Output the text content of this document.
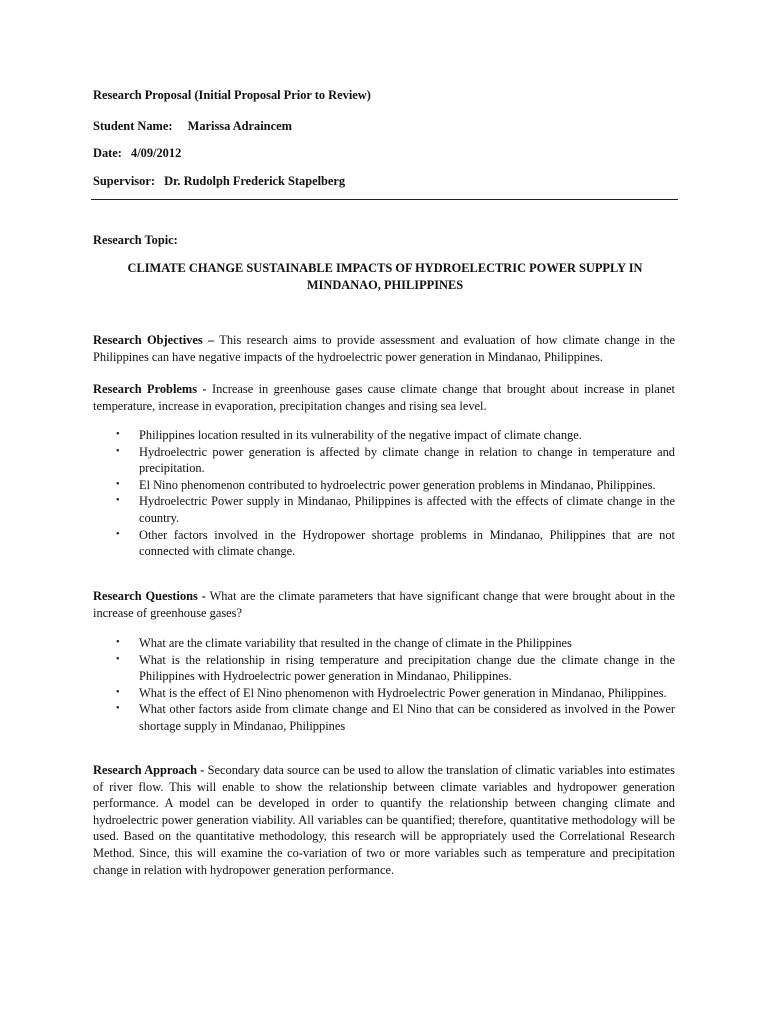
Research Proposal (Initial Proposal Prior to Review)

Student Name: Marissa Adraincem

Date: 4/09/2012

Supervisor: Dr. Rudolph Frederick Stapelberg

Research Topic:

CLIMATE CHANGE SUSTAINABLE IMPACTS OF HYDROELECTRIC POWER SUPPLY IN MINDANAO, PHILIPPINES

Research Objectives – This research aims to provide assessment and evaluation of how climate change in the Philippines can have negative impacts of the hydroelectric power generation in Mindanao, Philippines.

Research Problems - Increase in greenhouse gases cause climate change that brought about increase in planet temperature, increase in evaporation, precipitation changes and rising sea level.

• Philippines location resulted in its vulnerability of the negative impact of climate change.
• Hydroelectric power generation is affected by climate change in relation to change in temperature and precipitation.
• El Nino phenomenon contributed to hydroelectric power generation problems in Mindanao, Philippines.
• Hydroelectric Power supply in Mindanao, Philippines is affected with the effects of climate change in the country.
• Other factors involved in the Hydropower shortage problems in Mindanao, Philippines that are not connected with climate change.

Research Questions - What are the climate parameters that have significant change that were brought about in the increase of greenhouse gases?

• What are the climate variability that resulted in the change of climate in the Philippines
• What is the relationship in rising temperature and precipitation change due the climate change in the Philippines with Hydroelectric power generation in Mindanao, Philippines.
• What is the effect of El Nino phenomenon with Hydroelectric Power generation in Mindanao, Philippines.
• What other factors aside from climate change and El Nino that can be considered as involved in the Power shortage supply in Mindanao, Philippines

Research Approach - Secondary data source can be used to allow the translation of climatic variables into estimates of river flow. This will enable to show the relationship between climate variables and hydropower generation performance. A model can be developed in order to quantify the relationship between changing climate and hydroelectric power generation viability. All variables can be quantified; therefore, quantitative methodology will be used. Based on the quantitative methodology, this research will be appropriately used the Correlational Research Method. Since, this will examine the co-variation of two or more variables such as temperature and precipitation change in relation with hydropower generation performance.
